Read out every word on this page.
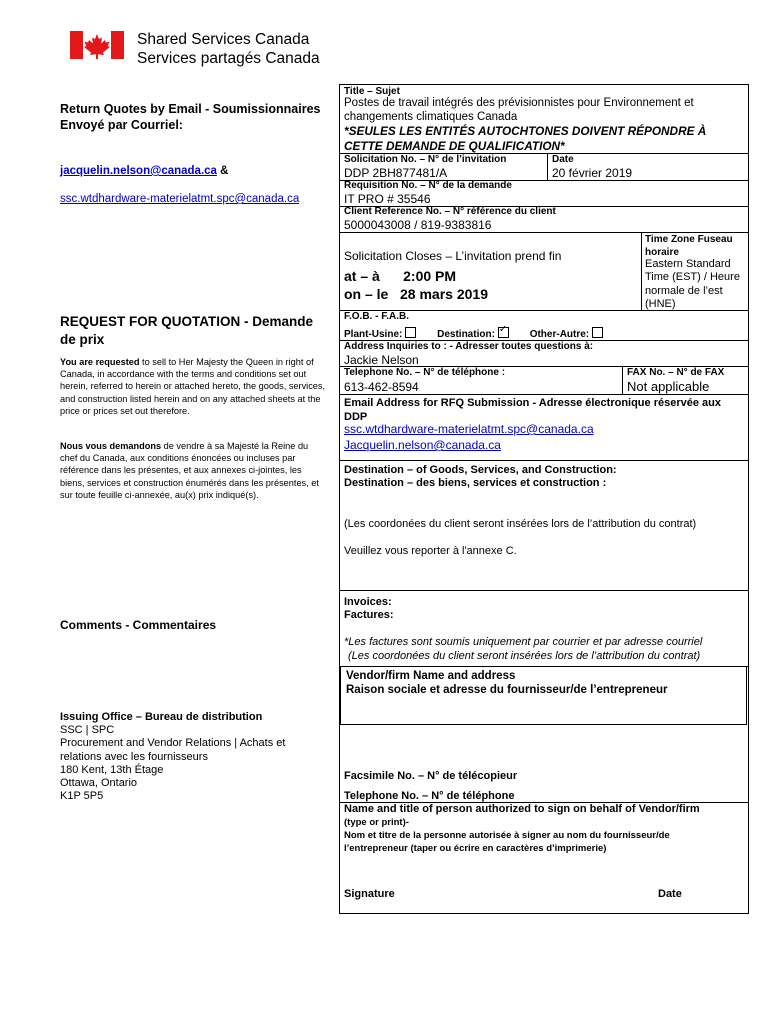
Shared Services Canada
Services partagés Canada
Return Quotes by Email - Soumissionnaires Envoyé par Courriel:
jacquelin.nelson@canada.ca &
ssc.wtdhardware-materielatmt.spc@canada.ca
REQUEST FOR QUOTATION - Demande de prix
You are requested to sell to Her Majesty the Queen in right of Canada, in accordance with the terms and conditions set out herein, referred to herein or attached hereto, the goods, services, and construction listed herein and on any attached sheets at the price or prices set out therefore.
Nous vous demandons de vendre à sa Majesté la Reine du chef du Canada, aux conditions énoncées ou incluses par référence dans les présentes, et aux annexes ci-jointes, les biens, services et construction énumérés dans les présentes, et sur toute feuille ci-annexée, au(x) prix indiqué(s).
Comments - Commentaires
Issuing Office – Bureau de distribution
SSC | SPC
Procurement and Vendor Relations | Achats et
relations avec les fournisseurs
180 Kent, 13th Étage
Ottawa, Ontario
K1P 5P5
Title – Sujet
Postes de travail intégrés des prévisionnistes pour Environnement et changements climatiques Canada
*SEULES LES ENTITÉS AUTOCHTONES DOIVENT RÉPONDRE À CETTE DEMANDE DE QUALIFICATION*
Solicitation No. – N° de l’invitation
DDP 2BH877481/A
Date
20 février 2019
Requisition No. – N° de la demande
IT PRO # 35546
Client Reference No. – N° référence du client
5000043008 / 819-9383816
Solicitation Closes – L’invitation prend fin
at – à      2:00 PM
on – le   28 mars 2019
Time Zone Fuseau horaire
Eastern Standard Time (EST) / Heure normale de l’est (HNE)
F.O.B. - F.A.B.
Plant-Usine:	Destination:✓	Other-Autre:
Address Inquiries to : - Adresser toutes questions à:
Jackie Nelson
Telephone No. – N° de téléphone :
613-462-8594
FAX No. – N° de FAX
Not applicable
Email Address for RFQ Submission - Adresse électronique réservée aux DDP
ssc.wtdhardware-materielatmt.spc@canada.ca
Jacquelin.nelson@canada.ca
Destination – of Goods, Services, and Construction:
Destination – des biens, services et construction :
(Les coordonées du client seront insérées lors de l’attribution du contrat)
Veuillez vous reporter à l'annexe C.
Invoices:
Factures:
*Les factures sont soumis uniquement par courrier et par adresse courriel
(Les coordonées du client seront insérées lors de l’attribution du contrat)
Vendor/firm Name and address
Raison sociale et adresse du fournisseur/de l’entrepreneur
Facsimile No. – N° de télécopieur
Telephone No. – N° de téléphone
Name and title of person authorized to sign on behalf of Vendor/firm
(type or print)-
Nom et titre de la personne autorisée à signer au nom du fournisseur/de l’entrepreneur (taper ou écrire en caractères d’imprimerie)
Signature	Date
